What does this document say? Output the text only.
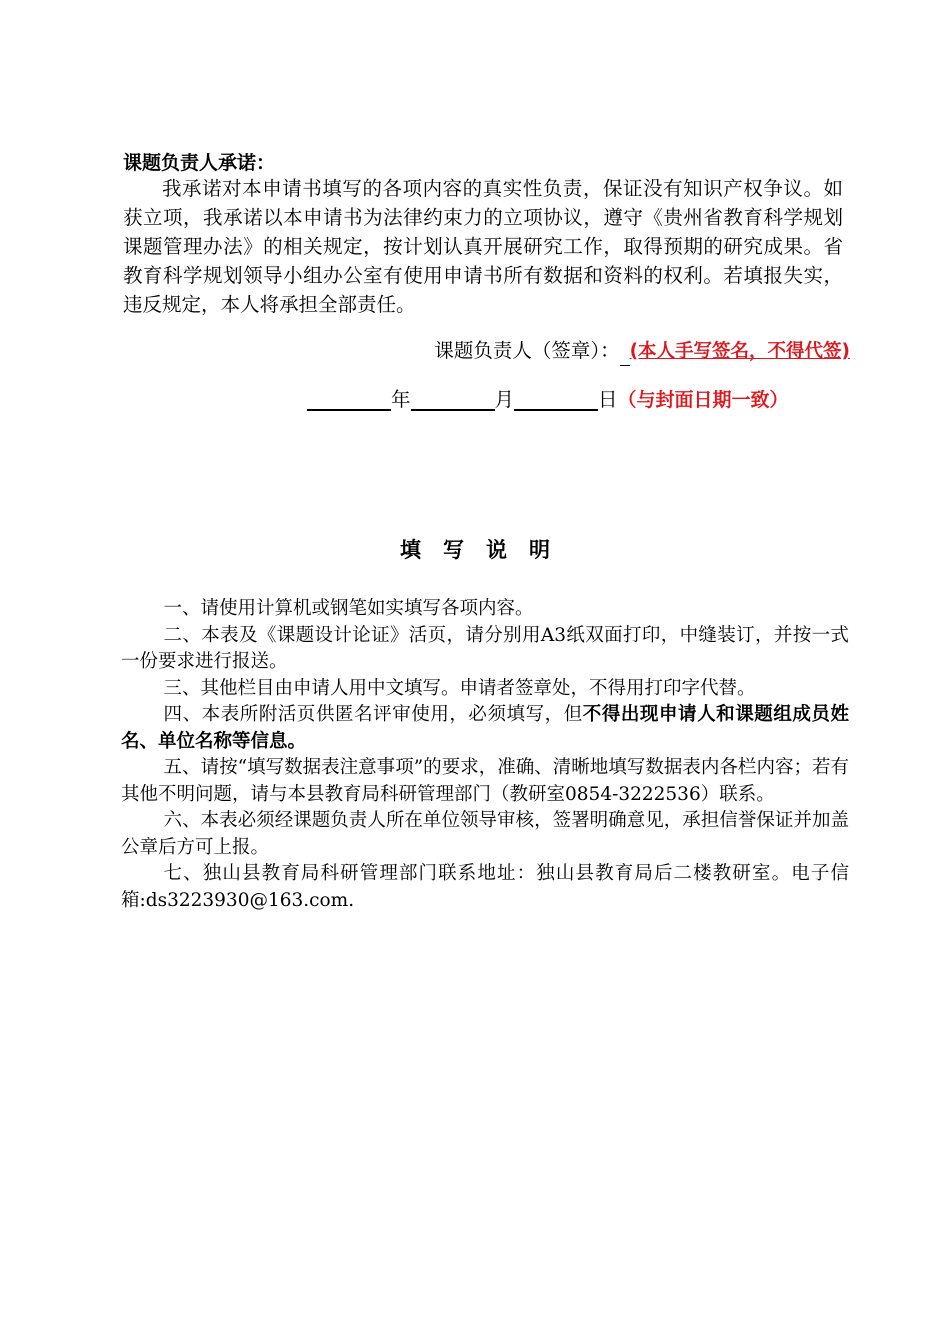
课题负责人承诺：

我承诺对本申请书填写的各项内容的真实性负责，保证没有知识产权争议。如获立项，我承诺以本申请书为法律约束力的立项协议，遵守《贵州省教育科学规划课题管理办法》的相关规定，按计划认真开展研究工作，取得预期的研究成果。省教育科学规划领导小组办公室有使用申请书所有数据和资料的权利。若填报失实，违反规定，本人将承担全部责任。

课题负责人（签章）： (本人手写签名，不得代签)
年	月	日（与封面日期一致）
填写说明

一、请使用计算机或钢笔如实填写各项内容。

二、本表及《课题设计论证》活页，请分别用A3纸双面打印，中缝装订，并按一式一份要求进行报送。

三、其他栏目由申请人用中文填写。申请者签章处，不得用打印字代替。

四、本表所附活页供匿名评审使用，必须填写，但不得出现申请人和课题组成员姓名、单位名称等信息。

五、请按“填写数据表注意事项”的要求，准确、清晰地填写数据表内各栏内容；若有其他不明问题，请与本县教育局科研管理部门（教研室0854-3222536）联系。

六、本表必须经课题负责人所在单位领导审核，签署明确意见，承担信誉保证并加盖公章后方可上报。

七、独山县教育局科研管理部门联系地址：独山县教育局后二楼教研室。电子信箱:ds3223930@163.com.
